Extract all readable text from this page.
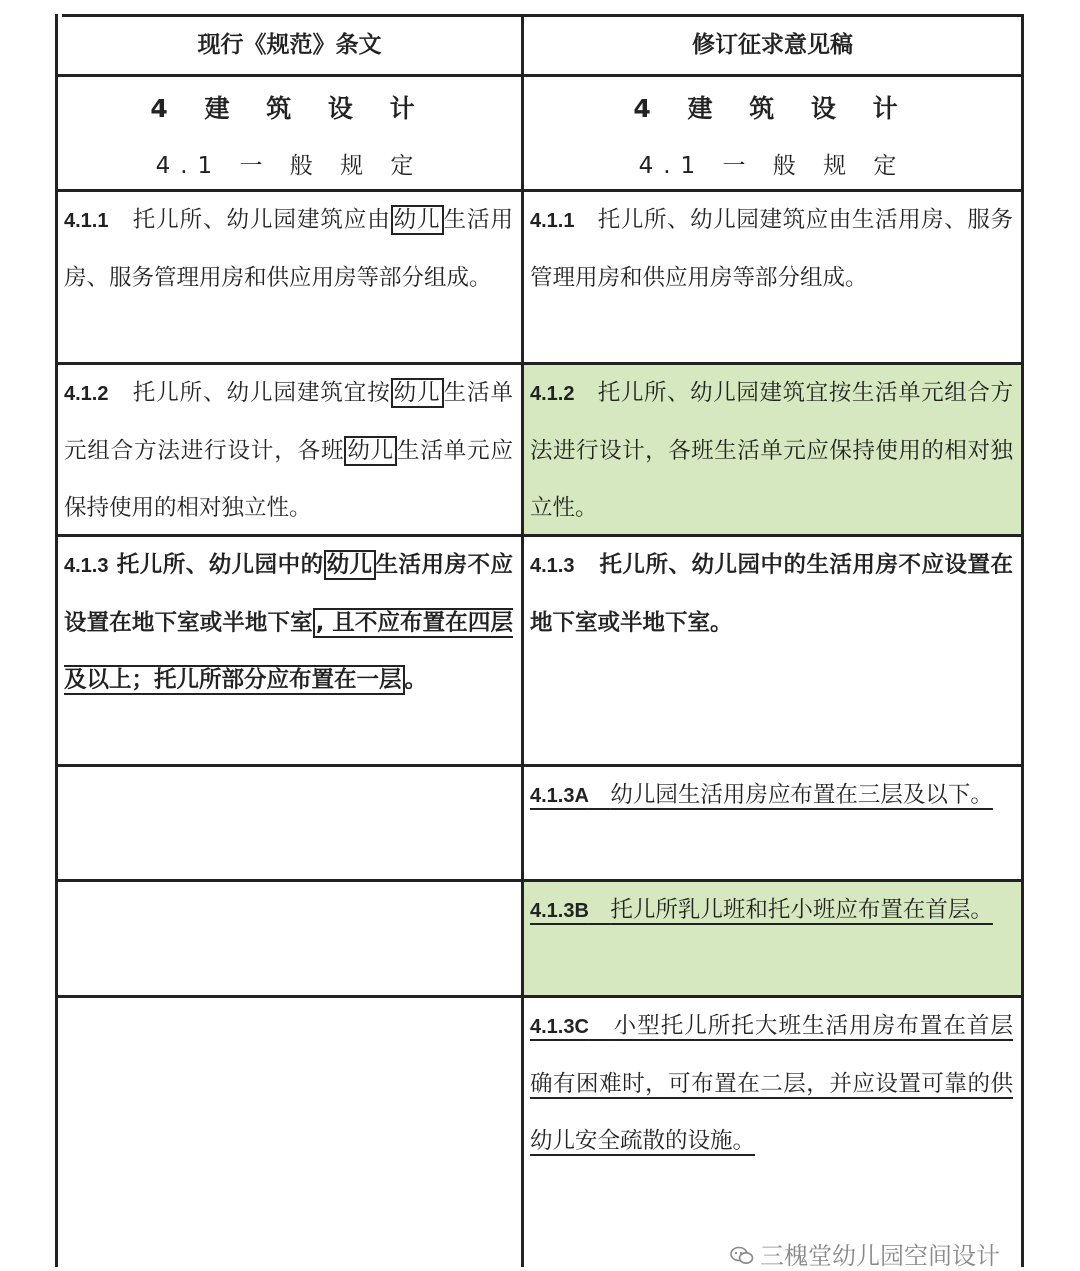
现行《规范》条文	修订征求意见稿
4 建 筑 设 计
4.1 一 般 规 定
4 建 筑 设 计
4.1 一 般 规 定
4.1.1 托儿所、幼儿园建筑应由 幼儿 生活用房、服务管理用房和供应用房等部分组成。
4.1.1 托儿所、幼儿园建筑应由生活用房、服务管理用房和供应用房等部分组成。
4.1.2 托儿所、幼儿园建筑宜按 幼儿 生活单元组合方法进行设计，各班 幼儿 生活单元应保持使用的相对独立性。
4.1.2 托儿所、幼儿园建筑宜按生活单元组合方法进行设计，各班生活单元应保持使用的相对独立性。
4.1.3 托儿所、幼儿园中的 幼儿 生活用房不应设置在地下室或半地下室 , 且不应布置在四层及以上；托儿所部分应布置在一层 。
4.1.3 托儿所、幼儿园中的生活用房不应设置在地下室或半地下室。
4.1.3A 幼儿园生活用房应布置在三层及以下。
4.1.3B 托儿所乳儿班和托小班应布置在首层。
4.1.3C 小型托儿所托大班生活用房布置在首层确有困难时，可布置在二层，并应设置可靠的供幼儿安全疏散的设施。
三槐堂幼儿园空间设计
